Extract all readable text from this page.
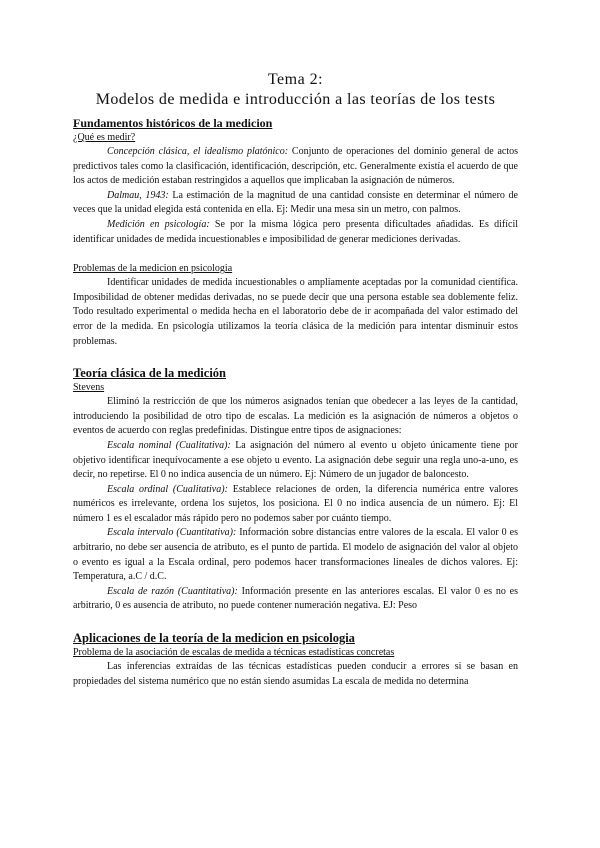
Tema 2:
Modelos de medida e introducción a las teorías de los tests
Fundamentos históricos de la medicion
¿Qué es medir?

Concepción clásica, el idealismo platónico: Conjunto de operaciones del dominio general de actos predictivos tales como la clasificación, identificación, descripción, etc. Generalmente existía el acuerdo de que los actos de medición estaban restringidos a aquellos que implicaban la asignación de números.

Dalmau, 1943: La estimación de la magnitud de una cantidad consiste en determinar el número de veces que la unidad elegida está contenida en ella. Ej: Medir una mesa sin un metro, con palmos.

Medición en psicología: Se por la misma lógica pero presenta dificultades añadidas. Es difícil identificar unidades de medida incuestionables e imposibilidad de generar mediciones derivadas.

Problemas de la medicion en psicologia

Identificar unidades de medida incuestionables o ampliamente aceptadas por la comunidad científica. Imposibilidad de obtener medidas derivadas, no se puede decir que una persona estable sea doblemente feliz. Todo resultado experimental o medida hecha en el laboratorio debe de ir acompañada del valor estimado del error de la medida. En psicología utilizamos la teoría clásica de la medición para intentar disminuir estos problemas.

Teoría clásica de la medición
Stevens

Eliminó la restricción de que los números asignados tenían que obedecer a las leyes de la cantidad, introduciendo la posibilidad de otro tipo de escalas. La medición es la asignación de números a objetos o eventos de acuerdo con reglas predefinidas. Distingue entre tipos de asignaciones:

Escala nominal (Cualitativa): La asignación del número al evento u objeto únicamente tiene por objetivo identificar inequívocamente a ese objeto u evento. La asignación debe seguir una regla uno-a-uno, es decir, no repetirse. El 0 no indica ausencia de un número. Ej: Número de un jugador de baloncesto.

Escala ordinal (Cualitativa): Establece relaciones de orden, la diferencia numérica entre valores numéricos es irrelevante, ordena los sujetos, los posiciona. El 0 no indica ausencia de un número. Ej: El número 1 es el escalador más rápido pero no podemos saber por cuánto tiempo.

Escala intervalo (Cuantitativa): Información sobre distancias entre valores de la escala. El valor 0 es arbitrario, no debe ser ausencia de atributo, es el punto de partida. El modelo de asignación del valor al objeto o evento es igual a la Escala ordinal, pero podemos hacer transformaciones lineales de dichos valores. Ej: Temperatura, a.C / d.C.

Escala de razón (Cuantitativa): Información presente en las anteriores escalas. El valor 0 es no es arbitrario, 0 es ausencia de atributo, no puede contener numeración negativa. EJ: Peso

Aplicaciones de la teoría de la medicion en psicologia
Problema de la asociación de escalas de medida a técnicas estadísticas concretas

Las inferencias extraídas de las técnicas estadísticas pueden conducir a errores si se basan en propiedades del sistema numérico que no están siendo asumidas La escala de medida no determina
